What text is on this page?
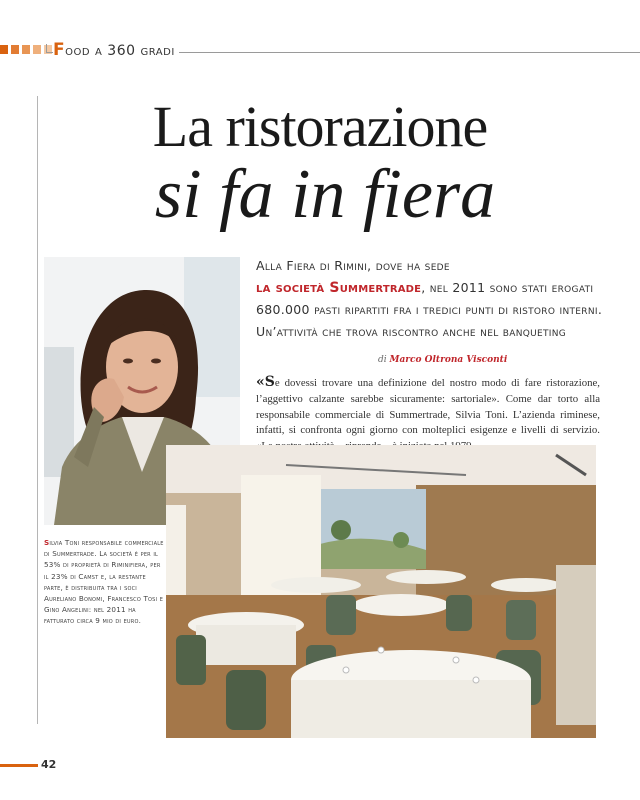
Food a 360 gradi
La ristorazione
si fa in fiera
Alla Fiera di Rimini, dove ha sede
la società Summertrade, nel 2011 sono stati erogati 680.000 pasti ripartiti fra i tredici punti di ristoro interni. Un’attività che trova riscontro anche nel banqueting
di Marco Oltrona Visconti
«Se dovessi trovare una definizione del nostro modo di fare ristorazione, l’aggettivo calzante sarebbe sicuramente: sartoriale». Come dar torto alla responsabile commerciale di Summertrade, Silvia Toni. L’azienda riminese, infatti, si confronta ogni giorno con molteplici esigenze e livelli di servizio.
Silvia Toni responsabile commerciale di Summertrade. La società è per il 53% di proprietà di Riminifiera, per il 23% di Camst e, la restante parte, è distribuita tra i soci Aureliano Bonomi, Francesco Tosi e Gino Angelini: nel 2011 ha fatturato circa 9 mio di euro.
42
